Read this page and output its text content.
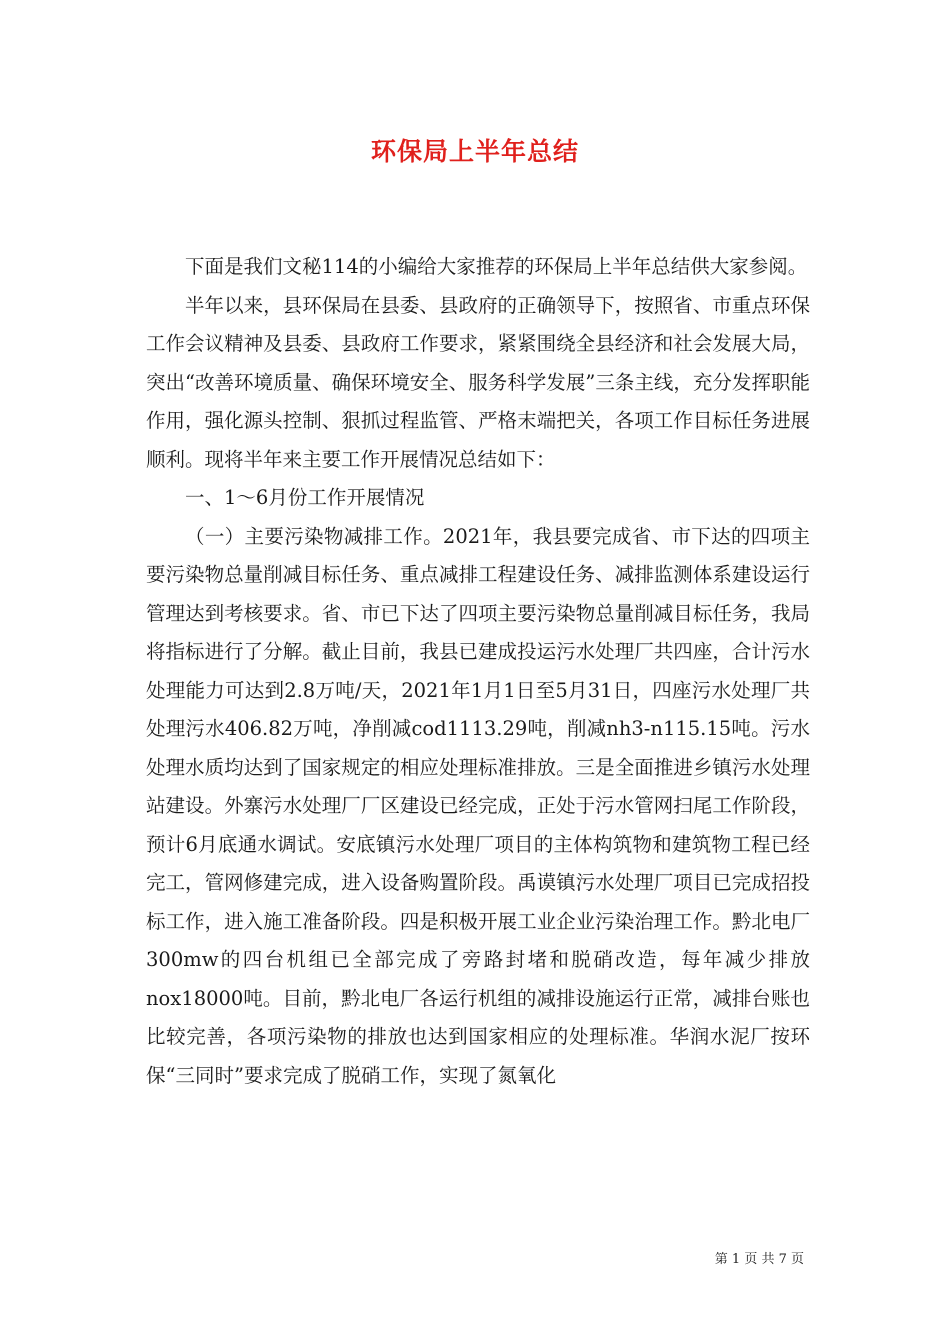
环保局上半年总结

下面是我们文秘114的小编给大家推荐的环保局上半年总结供大家参阅。

半年以来，县环保局在县委、县政府的正确领导下，按照省、市重点环保工作会议精神及县委、县政府工作要求，紧紧围绕全县经济和社会发展大局，突出“改善环境质量、确保环境安全、服务科学发展”三条主线，充分发挥职能作用，强化源头控制、狠抓过程监管、严格末端把关，各项工作目标任务进展顺利。现将半年来主要工作开展情况总结如下：

一、1～6月份工作开展情况

（一）主要污染物减排工作。2021年，我县要完成省、市下达的四项主要污染物总量削减目标任务、重点减排工程建设任务、减排监测体系建设运行管理达到考核要求。省、市已下达了四项主要污染物总量削减目标任务，我局将指标进行了分解。截止目前，我县已建成投运污水处理厂共四座，合计污水处理能力可达到2.8万吨/天，2021年1月1日至5月31日，四座污水处理厂共处理污水406.82万吨，净削减cod1113.29吨，削减nh3-n115.15吨。污水处理水质均达到了国家规定的相应处理标准排放。三是全面推进乡镇污水处理站建设。外寨污水处理厂厂区建设已经完成，正处于污水管网扫尾工作阶段，预计6月底通水调试。安底镇污水处理厂项目的主体构筑物和建筑物工程已经完工，管网修建完成，进入设备购置阶段。禹谟镇污水处理厂项目已完成招投标工作，进入施工准备阶段。四是积极开展工业企业污染治理工作。黔北电厂300mw的四台机组已全部完成了旁路封堵和脱硝改造，每年减少排放nox18000吨。目前，黔北电厂各运行机组的减排设施运行正常，减排台账也比较完善，各项污染物的排放也达到国家相应的处理标准。华润水泥厂按环保“三同时”要求完成了脱硝工作，实现了氮氧化

第 1 页 共 7 页
